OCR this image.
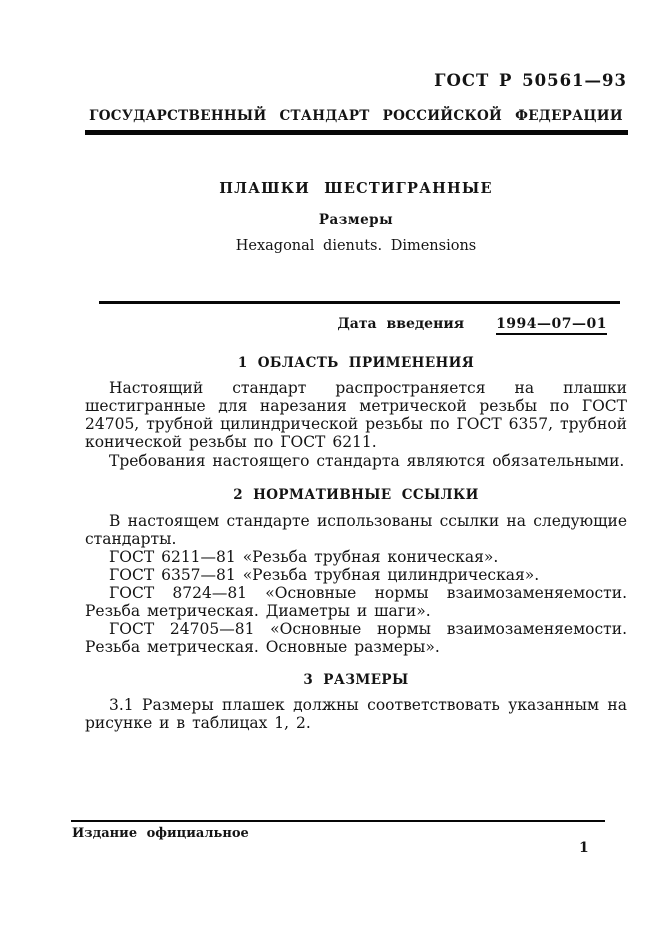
ГОСТ Р 50561—93
ГОСУДАРСТВЕННЫЙ СТАНДАРТ РОССИЙСКОЙ ФЕДЕРАЦИИ
ПЛАШКИ ШЕСТИГРАННЫЕ
Размеры
Hexagonal dienuts. Dimensions
Дата введения 1994—07—01
1 ОБЛАСТЬ ПРИМЕНЕНИЯ

Настоящий стандарт распространяется на плашки шестигранные для нарезания метрической резьбы по ГОСТ 24705, трубной цилиндрической резьбы по ГОСТ 6357, трубной конической резьбы по ГОСТ 6211.

Требования настоящего стандарта являются обязательными.

2 НОРМАТИВНЫЕ ССЫЛКИ

В настоящем стандарте использованы ссылки на следующие стандарты.

ГОСТ 6211—81 «Резьба трубная коническая».

ГОСТ 6357—81 «Резьба трубная цилиндрическая».

ГОСТ 8724—81 «Основные нормы взаимозаменяемости. Резьба метрическая. Диаметры и шаги».

ГОСТ 24705—81 «Основные нормы взаимозаменяемости. Резьба метрическая. Основные размеры».

3 РАЗМЕРЫ

3.1 Размеры плашек должны соответствовать указанным на рисунке и в таблицах 1, 2.

Издание официальное
1
